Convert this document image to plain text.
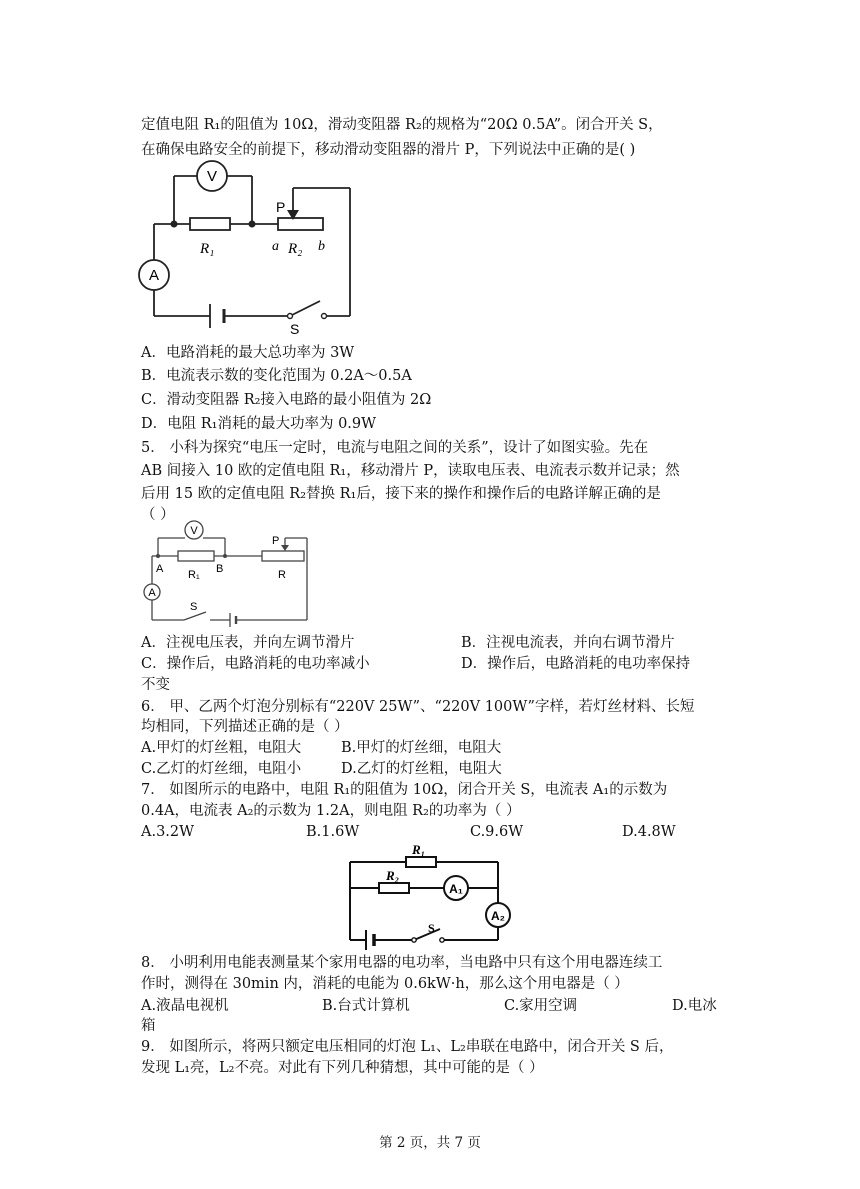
定值电阻 R₁的阻值为 10Ω，滑动变阻器 R₂的规格为“20Ω 0.5A”。闭合开关 S，
在确保电路安全的前提下，移动滑动变阻器的滑片 P，下列说法中正确的是( )
V
A
P
R₁	a R₂ b
S
A．电路消耗的最大总功率为 3W
B．电流表示数的变化范围为 0.2A～0.5A
C．滑动变阻器 R₂接入电路的最小阻值为 2Ω
D．电阻 R₁消耗的最大功率为 0.9W
5． 小科为探究“电压一定时，电流与电阻之间的关系”，设计了如图实验。先在
AB 间接入 10 欧的定值电阻 R₁，移动滑片 P，读取电压表、电流表示数并记录；然
后用 15 欧的定值电阻 R₂替换 R₁后，接下来的操作和操作后的电路详解正确的是
（ ）
V
A	B
A
R₁	R
P
S
A．注视电压表，并向左调节滑片	B．注视电流表，并向右调节滑片
C．操作后，电路消耗的电功率减小	D．操作后，电路消耗的电功率保持
不变
6． 甲、乙两个灯泡分别标有“220V 25W”、“220V 100W”字样，若灯丝材料、长短
均相同，下列描述正确的是（ ）
A.甲灯的灯丝粗，电阻大	B.甲灯的灯丝细，电阻大
C.乙灯的灯丝细，电阻小	D.乙灯的灯丝粗，电阻大
7． 如图所示的电路中，电阻 R₁的阻值为 10Ω，闭合开关 S，电流表 A₁的示数为
0.4A，电流表 A₂的示数为 1.2A，则电阻 R₂的功率为（ ）
A.3.2W	B.1.6W	C.9.6W	D.4.8W
R₁
R₂
A₁
A₂
S
8． 小明利用电能表测量某个家用电器的电功率，当电路中只有这个用电器连续工
作时，测得在 30min 内，消耗的电能为 0.6kW·h，那么这个用电器是（ ）
A.液晶电视机	B.台式计算机	C.家用空调	D.电冰
箱
9． 如图所示，将两只额定电压相同的灯泡 L₁、L₂串联在电路中，闭合开关 S 后，
发现 L₁亮，L₂不亮。对此有下列几种猜想，其中可能的是（ ）
第 2 页，共 7 页
